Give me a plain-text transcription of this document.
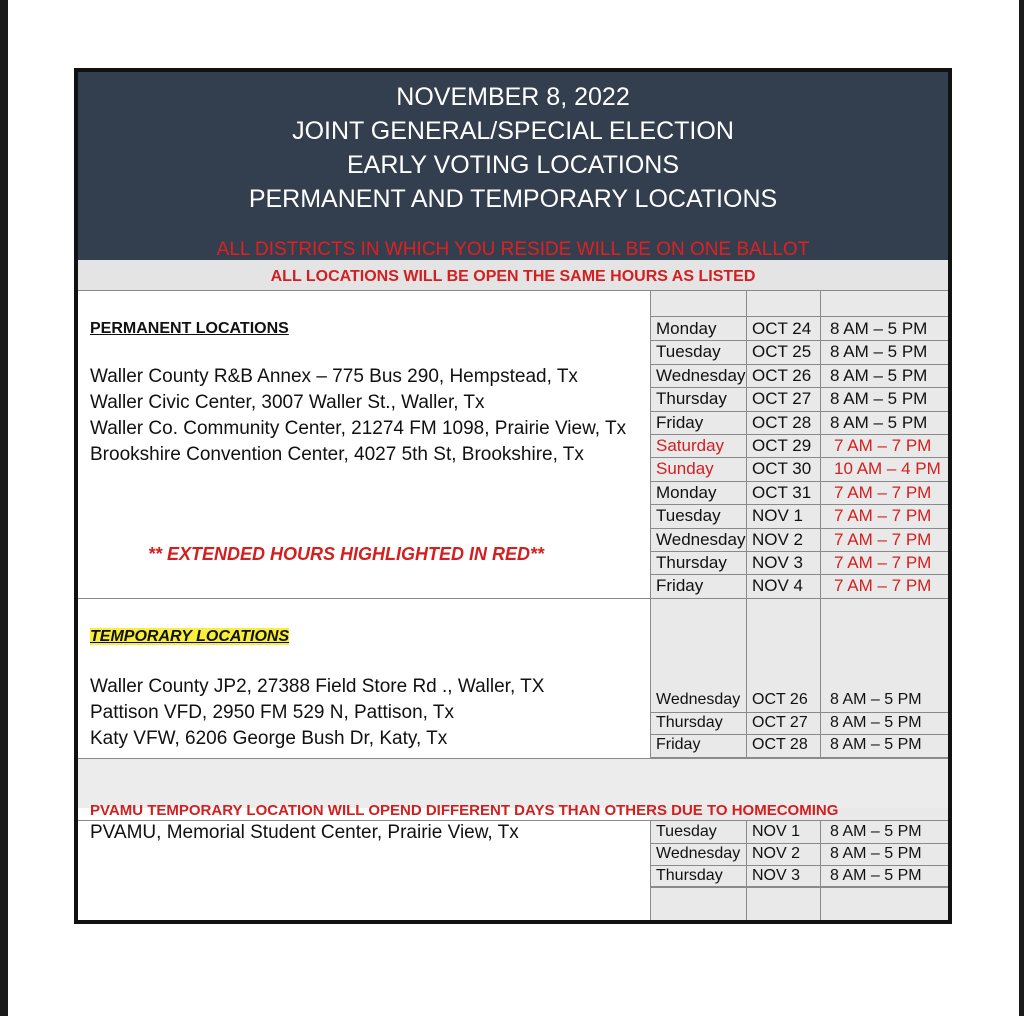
NOVEMBER 8, 2022
JOINT GENERAL/SPECIAL ELECTION
EARLY VOTING LOCATIONS
PERMANENT AND TEMPORARY LOCATIONS
ALL DISTRICTS IN WHICH YOU RESIDE WILL BE ON ONE BALLOT
ALL LOCATIONS WILL BE OPEN THE SAME HOURS AS LISTED
PERMANENT LOCATIONS
Waller County R&B Annex – 775 Bus 290, Hempstead, Tx
Waller Civic Center, 3007 Waller St., Waller, Tx
Waller Co. Community Center, 21274 FM 1098, Prairie View, Tx
Brookshire Convention Center, 4027 5th St, Brookshire, Tx
** EXTENDED HOURS HIGHLIGHTED IN RED**
Monday OCT 24 8 AM – 5 PM
Tuesday OCT 25 8 AM – 5 PM
Wednesday OCT 26 8 AM – 5 PM
Thursday OCT 27 8 AM – 5 PM
Friday	OCT 28 8 AM – 5 PM
Saturday OCT 29 7 AM – 7 PM
Sunday OCT 30 10 AM – 4 PM
Monday OCT 31 7 AM – 7 PM
Tuesday NOV 1 7 AM – 7 PM
Wednesday NOV 2 7 AM – 7 PM
Thursday NOV 3 7 AM – 7 PM
Friday	NOV 4 7 AM – 7 PM
TEMPORARY LOCATIONS
Waller County JP2, 27388 Field Store Rd ., Waller, TX
Pattison VFD, 2950 FM 529 N, Pattison, Tx
Katy VFW, 6206 George Bush Dr, Katy, Tx
Wednesday OCT 26 8 AM – 5 PM
Thursday OCT 27 8 AM – 5 PM
Friday	OCT 28 8 AM – 5 PM
PVAMU TEMPORARY LOCATION WILL OPEND DIFFERENT DAYS THAN OTHERS DUE TO HOMECOMING
PVAMU, Memorial Student Center, Prairie View, Tx	Tuesday NOV 1 8 AM – 5 PM
Wednesday NOV 2 8 AM – 5 PM
Thursday NOV 3 8 AM – 5 PM
